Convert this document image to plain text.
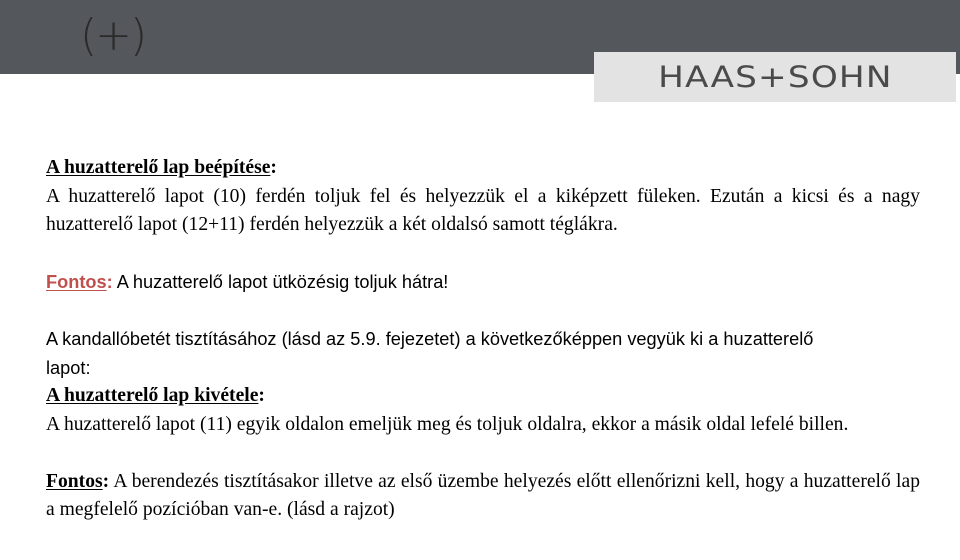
(+)
HAAS+SOHN

A huzatterelő lap beépítése:

A huzatterelő lapot (10) ferdén toljuk fel és helyezzük el a kiképzett füleken. Ezután a kicsi és a nagy huzatterelő lapot (12+11) ferdén helyezzük a két oldalsó samott téglákra.

Fontos: A huzatterelő lapot ütközésig toljuk hátra!

A kandallóbetét tisztításához (lásd az 5.9. fejezetet) a következőképpen vegyük ki a huzatterelő

lapot:

A huzatterelő lap kivétele:

A huzatterelő lapot (11) egyik oldalon emeljük meg és toljuk oldalra, ekkor a másik oldal lefelé billen.

Fontos: A berendezés tisztításakor illetve az első üzembe helyezés előtt ellenőrizni kell, hogy a huzatterelő lap a megfelelő pozícióban van-e. (lásd a rajzot)
